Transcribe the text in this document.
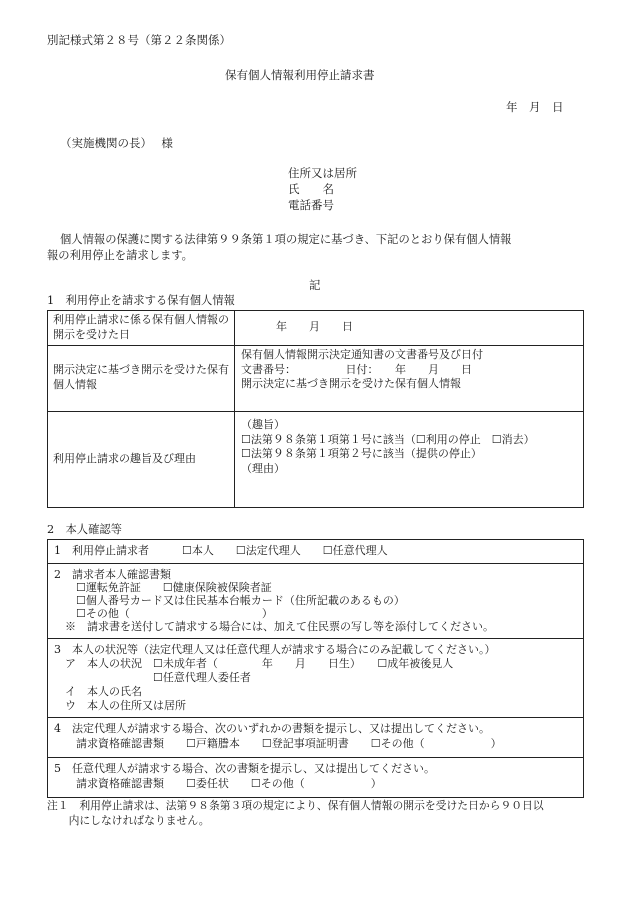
別記様式第２８号（第２２条関係）
保有個人情報利用停止請求書
年　月　日
（実施機関の長）　 様
住所又は居所
氏　　名
電話番号
個人情報の保護に関する法律第９９条第１項の規定に基づき、下記のとおり保有個人情報
報の利用停止を請求します。
記
1　利用停止を請求する保有個人情報
利用停止請求に係る保有個人情報の開示を受けた日	年　　月　　日

開示決定に基づき開示を受けた保有個人情報	保有個人情報開示決定通知書の文書番号及び日付
文書番号：　　　　　日付：　　年　　月　　日
開示決定に基づき開示を受けた保有個人情報

利用停止請求の趣旨及び理由	（趣旨）
☐法第９８条第１項第１号に該当（☐利用の停止　☐消去）
☐法第９８条第１項第２号に該当（提供の停止）
（理由）
2　本人確認等
1　利用停止請求者　　　☐本人　　☐法定代理人　　☐任意代理人
2　請求者本人確認書類
　　☐運転免許証　　☐健康保険被保険者証
　　☐個人番号カード又は住民基本台帳カード（住所記載のあるもの）
　　☐その他（　　　　　　　　　　　　）
　※　請求書を送付して請求する場合には、加えて住民票の写し等を添付してください。
3　本人の状況等（法定代理人又は任意代理人が請求する場合にのみ記載してください。）
　ア　本人の状況　☐未成年者（　　　　年　　月　　日生）　　☐成年被後見人
　　　　　　　　　☐任意代理人委任者
　イ　本人の氏名
　ウ　本人の住所又は居所
4　法定代理人が請求する場合、次のいずれかの書類を提示し、又は提出してください。
　　請求資格確認書類　　☐戸籍謄本　　☐登記事項証明書　　☐その他（　　　　　　）
5　任意代理人が請求する場合、次の書類を提示し、又は提出してください。
　　請求資格確認書類　　☐委任状　　☐その他（　　　　　　）
注１　利用停止請求は、法第９８条第３項の規定により、保有個人情報の開示を受けた日から９０日以
　　内にしなければなりません。
